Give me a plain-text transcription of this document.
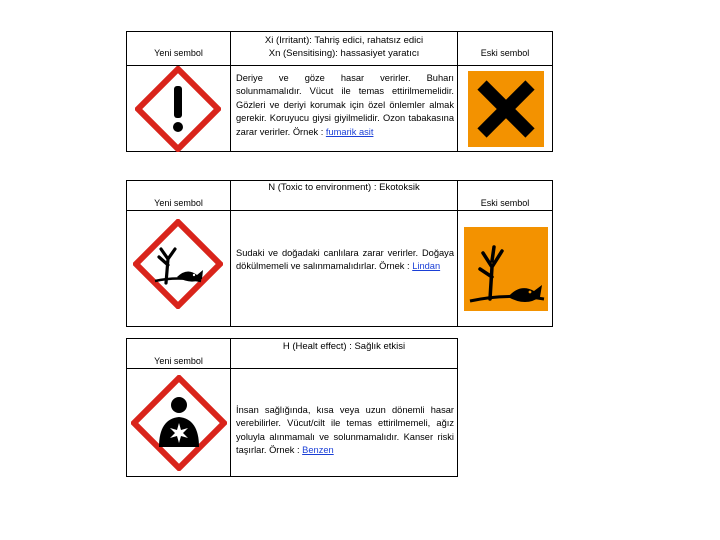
Yeni sembol
Xi (Irritant): Tahriş edici, rahatsız edici
Xn (Sensitising): hassasiyet yaratıcı	Eski sembol
Deriye ve göze hasar verirler. Buharı solunmamalıdır. Vücut ile temas ettirilmemelidir. Gözleri ve deriyi korumak için özel önlemler almak gerekir. Koruyucu giysi giyilmelidir. Ozon tabakasına zarar verirler. Örnek : fumarik asit
Yeni sembol
N (Toxic to environment) : Ekotoksik
Eski sembol
Sudaki ve doğadaki canlılara zarar verirler. Doğaya dökülmemeli ve salınmamalıdırlar. Örnek : Lindan
Yeni sembol
H (Healt effect) : Sağlık etkisi
İnsan sağlığında, kısa veya uzun dönemli hasar verebilirler. Vücut/cilt ile temas ettirilmemeli, ağız yoluyla alınmamalı ve solunmamalıdır. Kanser riski taşırlar. Örnek : Benzen
